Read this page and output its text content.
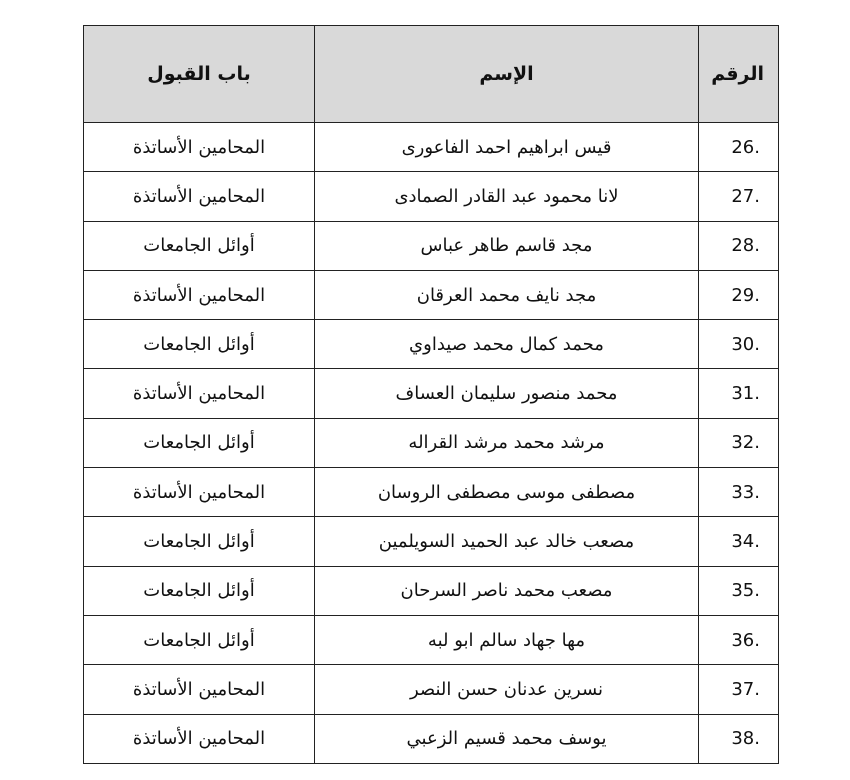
الرقم	الإسم	باب القبول
26.	قيس ابراهيم احمد الفاعورى	المحامين الأساتذة
27.	لانا محمود عبد القادر الصمادى	المحامين الأساتذة
28.	مجد قاسم طاهر عباس	أوائل الجامعات
29.	مجد نايف محمد العرقان	المحامين الأساتذة
30.	محمد كمال محمد صيداوي	أوائل الجامعات
31.	محمد منصور سليمان العساف	المحامين الأساتذة
32.	مرشد محمد مرشد القراله	أوائل الجامعات
33.	مصطفى موسى مصطفى الروسان	المحامين الأساتذة
34.	مصعب خالد عبد الحميد السويلمين	أوائل الجامعات
35.	مصعب محمد ناصر السرحان	أوائل الجامعات
36.	مها جهاد سالم ابو لبه	أوائل الجامعات
37.	نسرين عدنان حسن النصر	المحامين الأساتذة
38.	يوسف محمد قسيم الزعبي	المحامين الأساتذة
